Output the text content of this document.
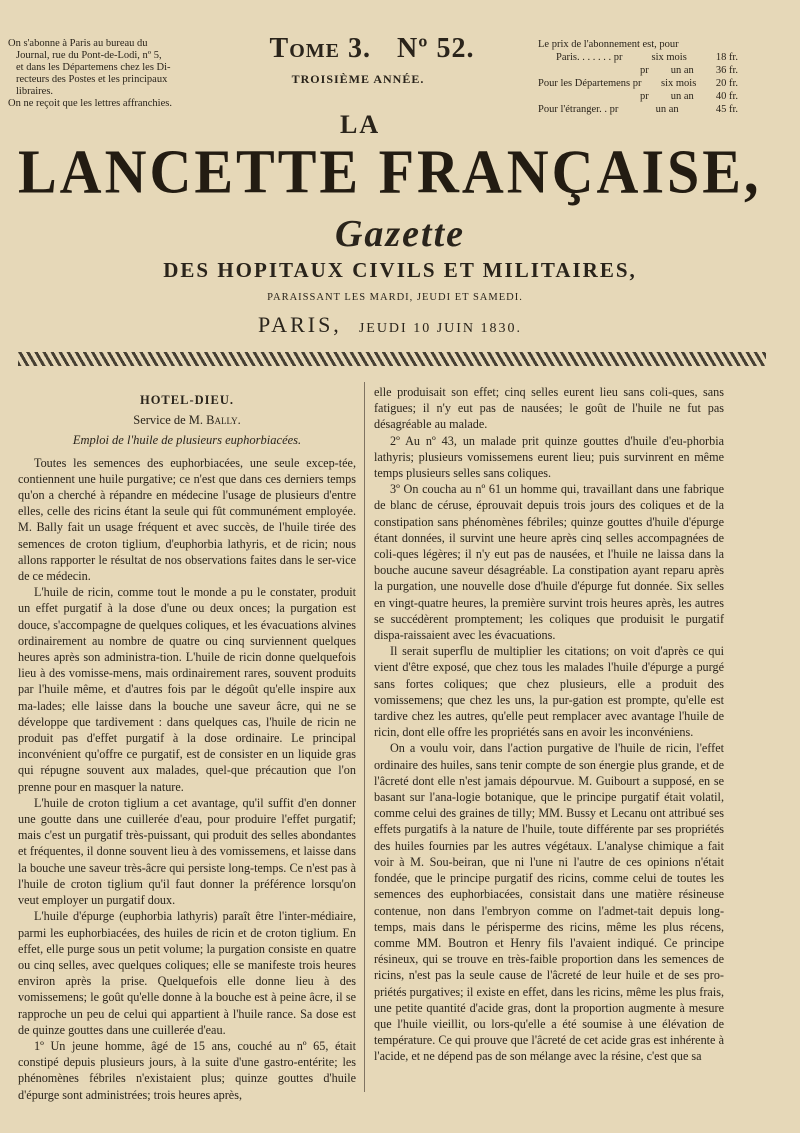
On s'abonne à Paris au bureau du
Journal, rue du Pont-de-Lodi, nº 5,
et dans les Départemens chez les Di-
recteurs des Postes et les principaux
libraires.
On ne reçoit que les lettres affranchies.
Tome 3. Nº 52.
TROISIÈME ANNÉE.
Le prix de l'abonnement est, pour
Paris. . . . . . . pr	six mois	18 fr.
pr un an 36 fr.
Pour les Départemens pr six mois 20 fr.
pr un an 40 fr.
Pour l'étranger. . pr	un an	45 fr.
LA
LANCETTE FRANÇAISE,
Gazette
DES HOPITAUX CIVILS ET MILITAIRES,
PARAISSANT LES MARDI, JEUDI ET SAMEDI.
PARIS, JEUDI 10 JUIN 1830.
HOTEL-DIEU.
Service de M. Bally.
Emploi de l'huile de plusieurs euphorbiacées.

Toutes les semences des euphorbiacées, une seule excep-tée, contiennent une huile purgative; ce n'est que dans ces derniers temps qu'on a cherché à répandre en médecine l'usage de plusieurs d'entre elles, celle des ricins étant la seule qui fût communément employée. M. Bally fait un usage fréquent et avec succès, de l'huile tirée des semences de croton tiglium, d'euphorbia lathyris, et de ricin; nous allons rapporter le résultat de nos observations faites dans le ser-vice de ce médecin.

L'huile de ricin, comme tout le monde a pu le constater, produit un effet purgatif à la dose d'une ou deux onces; la purgation est douce, s'accompagne de quelques coliques, et les évacuations alvines ordinairement au nombre de quatre ou cinq surviennent quelques heures après son administra-tion. L'huile de ricin donne quelquefois lieu à des vomisse-mens, mais ordinairement rares, souvent produits par l'huile même, et d'autres fois par le dégoût qu'elle inspire aux ma-lades; elle laisse dans la bouche une saveur âcre, qui ne se développe que tardivement : dans quelques cas, l'huile de ricin ne produit pas d'effet purgatif à la dose ordinaire. Le principal inconvénient qu'offre ce purgatif, est de consister en un liquide gras qui répugne souvent aux malades, quel-que précaution que l'on prenne pour en masquer la nature.

L'huile de croton tiglium a cet avantage, qu'il suffit d'en donner une goutte dans une cuillerée d'eau, pour produire l'effet purgatif; mais c'est un purgatif très-puissant, qui produit des selles abondantes et fréquentes, il donne souvent lieu à des vomissemens, et laisse dans la bouche une saveur très-âcre qui persiste long-temps. Ce n'est pas à l'huile de croton tiglium qu'il faut donner la préférence lorsqu'on veut employer un purgatif doux.

L'huile d'épurge (euphorbia lathyris) paraît être l'inter-médiaire, parmi les euphorbiacées, des huiles de ricin et de croton tiglium. En effet, elle purge sous un petit volume; la purgation consiste en quatre ou cinq selles, avec quelques coliques; elle se manifeste trois heures environ après la prise. Quelquefois elle donne lieu à des vomissemens; le goût qu'elle donne à la bouche est à peine âcre, il se rapproche un peu de celui qui appartient à l'huile rance. Sa dose est de quinze gouttes dans une cuillerée d'eau.

1º Un jeune homme, âgé de 15 ans, couché au nº 65, était constipé depuis plusieurs jours, à la suite d'une gastro-entérite; les phénomènes fébriles n'existaient plus; quinze gouttes d'huile d'épurge sont administrées; trois heures après,

elle produisait son effet; cinq selles eurent lieu sans coli-ques, sans fatigues; il n'y eut pas de nausées; le goût de l'huile ne fut pas désagréable au malade.

2º Au nº 43, un malade prit quinze gouttes d'huile d'eu-phorbia lathyris; plusieurs vomissemens eurent lieu; puis survinrent en même temps plusieurs selles sans coliques.

3º On coucha au nº 61 un homme qui, travaillant dans une fabrique de blanc de céruse, éprouvait depuis trois jours des coliques et de la constipation sans phénomènes fébriles; quinze gouttes d'huile d'épurge étant données, il survint une heure après cinq selles accompagnées de coli-ques légères; il n'y eut pas de nausées, et l'huile ne laissa dans la bouche aucune saveur désagréable. La constipation ayant reparu après la purgation, une nouvelle dose d'huile d'épurge fut donnée. Six selles en vingt-quatre heures, la première survint trois heures après, les autres se succédèrent promptement; les coliques que produisit le purgatif dispa-raissaient avec les évacuations.

Il serait superflu de multiplier les citations; on voit d'après ce qui vient d'être exposé, que chez tous les malades l'huile d'épurge a purgé sans fortes coliques; que chez plusieurs, elle a produit des vomissemens; que chez les uns, la pur-gation est prompte, qu'elle est tardive chez les autres, qu'elle peut remplacer avec avantage l'huile de ricin, dont elle offre les propriétés sans en avoir les inconvéniens.

On a voulu voir, dans l'action purgative de l'huile de ricin, l'effet ordinaire des huiles, sans tenir compte de son énergie plus grande, et de l'âcreté dont elle n'est jamais dépourvue. M. Guibourt a supposé, en se basant sur l'ana-logie botanique, que le principe purgatif était volatil, comme celui des graines de tilly; MM. Bussy et Lecanu ont attribué ses effets purgatifs à la nature de l'huile, toute différente par ses propriétés des huiles fournies par les autres végétaux. L'analyse chimique a fait voir à M. Sou-beiran, que ni l'une ni l'autre de ces opinions n'était fondée, que le principe purgatif des ricins, comme celui de toutes les semences des euphorbiacées, consistait dans une matière résineuse contenue, non dans l'embryon comme on l'admet-tait depuis long-temps, mais dans le périsperme des ricins, même les plus récens, comme MM. Boutron et Henry fils l'avaient indiqué. Ce principe résineux, qui se trouve en très-faible proportion dans les semences de ricins, n'est pas la seule cause de l'âcreté de leur huile et de ses pro-priétés purgatives; il existe en effet, dans les ricins, même les plus frais, une petite quantité d'acide gras, dont la proportion augmente à mesure que l'huile vieillit, ou lors-qu'elle a été soumise à une élévation de température. Ce qui prouve que l'âcreté de cet acide gras est inhérente à l'acide, et ne dépend pas de son mélange avec la résine, c'est que sa
